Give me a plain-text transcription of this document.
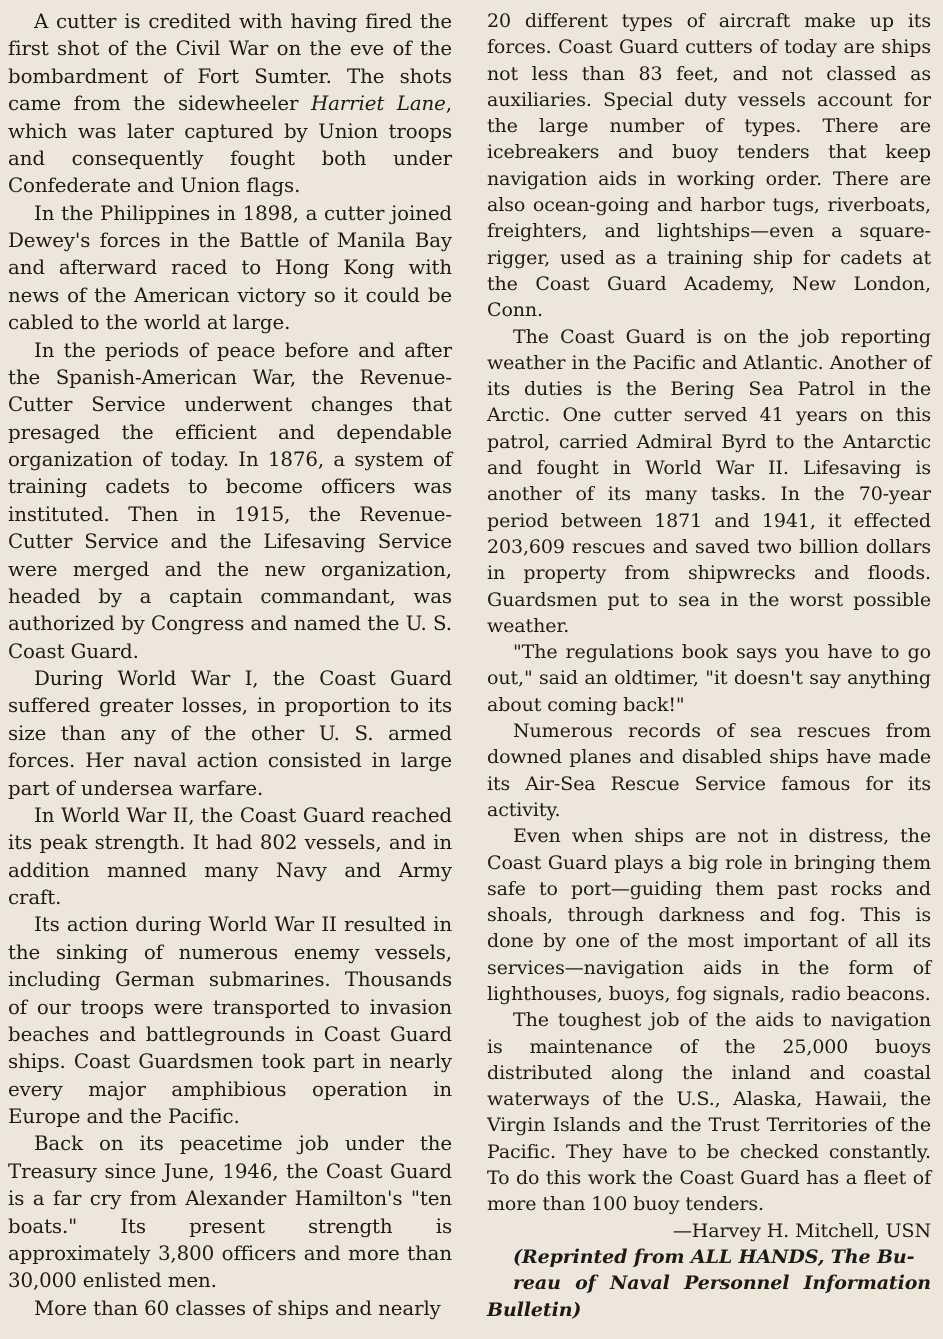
A cutter is credited with having fired the first shot of the Civil War on the eve of the bombardment of Fort Sumter. The shots came from the sidewheeler Harriet Lane, which was later captured by Union troops and consequently fought both under Confederate and Union flags.

In the Philippines in 1898, a cutter joined Dewey's forces in the Battle of Manila Bay and afterward raced to Hong Kong with news of the American victory so it could be cabled to the world at large.

In the periods of peace before and after the Spanish-American War, the Revenue-Cutter Service underwent changes that presaged the efficient and dependable organization of today. In 1876, a system of training cadets to become officers was instituted. Then in 1915, the Revenue-Cutter Service and the Lifesaving Service were merged and the new organization, headed by a captain commandant, was authorized by Congress and named the U. S. Coast Guard.

During World War I, the Coast Guard suffered greater losses, in proportion to its size than any of the other U. S. armed forces. Her naval action consisted in large part of undersea warfare.

In World War II, the Coast Guard reached its peak strength. It had 802 vessels, and in addition manned many Navy and Army craft.

Its action during World War II resulted in the sinking of numerous enemy vessels, including German submarines. Thousands of our troops were transported to invasion beaches and battlegrounds in Coast Guard ships. Coast Guardsmen took part in nearly every major amphibious operation in Europe and the Pacific.

Back on its peacetime job under the Treasury since June, 1946, the Coast Guard is a far cry from Alexander Hamilton's "ten boats." Its present strength is approximately 3,800 officers and more than 30,000 enlisted men.

More than 60 classes of ships and nearly

20 different types of aircraft make up its forces. Coast Guard cutters of today are ships not less than 83 feet, and not classed as auxiliaries. Special duty vessels account for the large number of types. There are icebreakers and buoy tenders that keep navigation aids in working order. There are also ocean-going and harbor tugs, riverboats, freighters, and lightships—even a square-rigger, used as a training ship for cadets at the Coast Guard Academy, New London, Conn.

The Coast Guard is on the job reporting weather in the Pacific and Atlantic. Another of its duties is the Bering Sea Patrol in the Arctic. One cutter served 41 years on this patrol, carried Admiral Byrd to the Antarctic and fought in World War II. Lifesaving is another of its many tasks. In the 70-year period between 1871 and 1941, it effected 203,609 rescues and saved two billion dollars in property from shipwrecks and floods. Guardsmen put to sea in the worst possible weather.

"The regulations book says you have to go out," said an oldtimer, "it doesn't say anything about coming back!"

Numerous records of sea rescues from downed planes and disabled ships have made its Air-Sea Rescue Service famous for its activity.

Even when ships are not in distress, the Coast Guard plays a big role in bringing them safe to port—guiding them past rocks and shoals, through darkness and fog. This is done by one of the most important of all its services—navigation aids in the form of lighthouses, buoys, fog signals, radio beacons.

The toughest job of the aids to navigation is maintenance of the 25,000 buoys distributed along the inland and coastal waterways of the U.S., Alaska, Hawaii, the Virgin Islands and the Trust Territories of the Pacific. They have to be checked constantly. To do this work the Coast Guard has a fleet of more than 100 buoy tenders.

—Harvey H. Mitchell, USN

(Reprinted from ALL HANDS, The Bu-

reau of Naval Personnel Information Bulletin)
